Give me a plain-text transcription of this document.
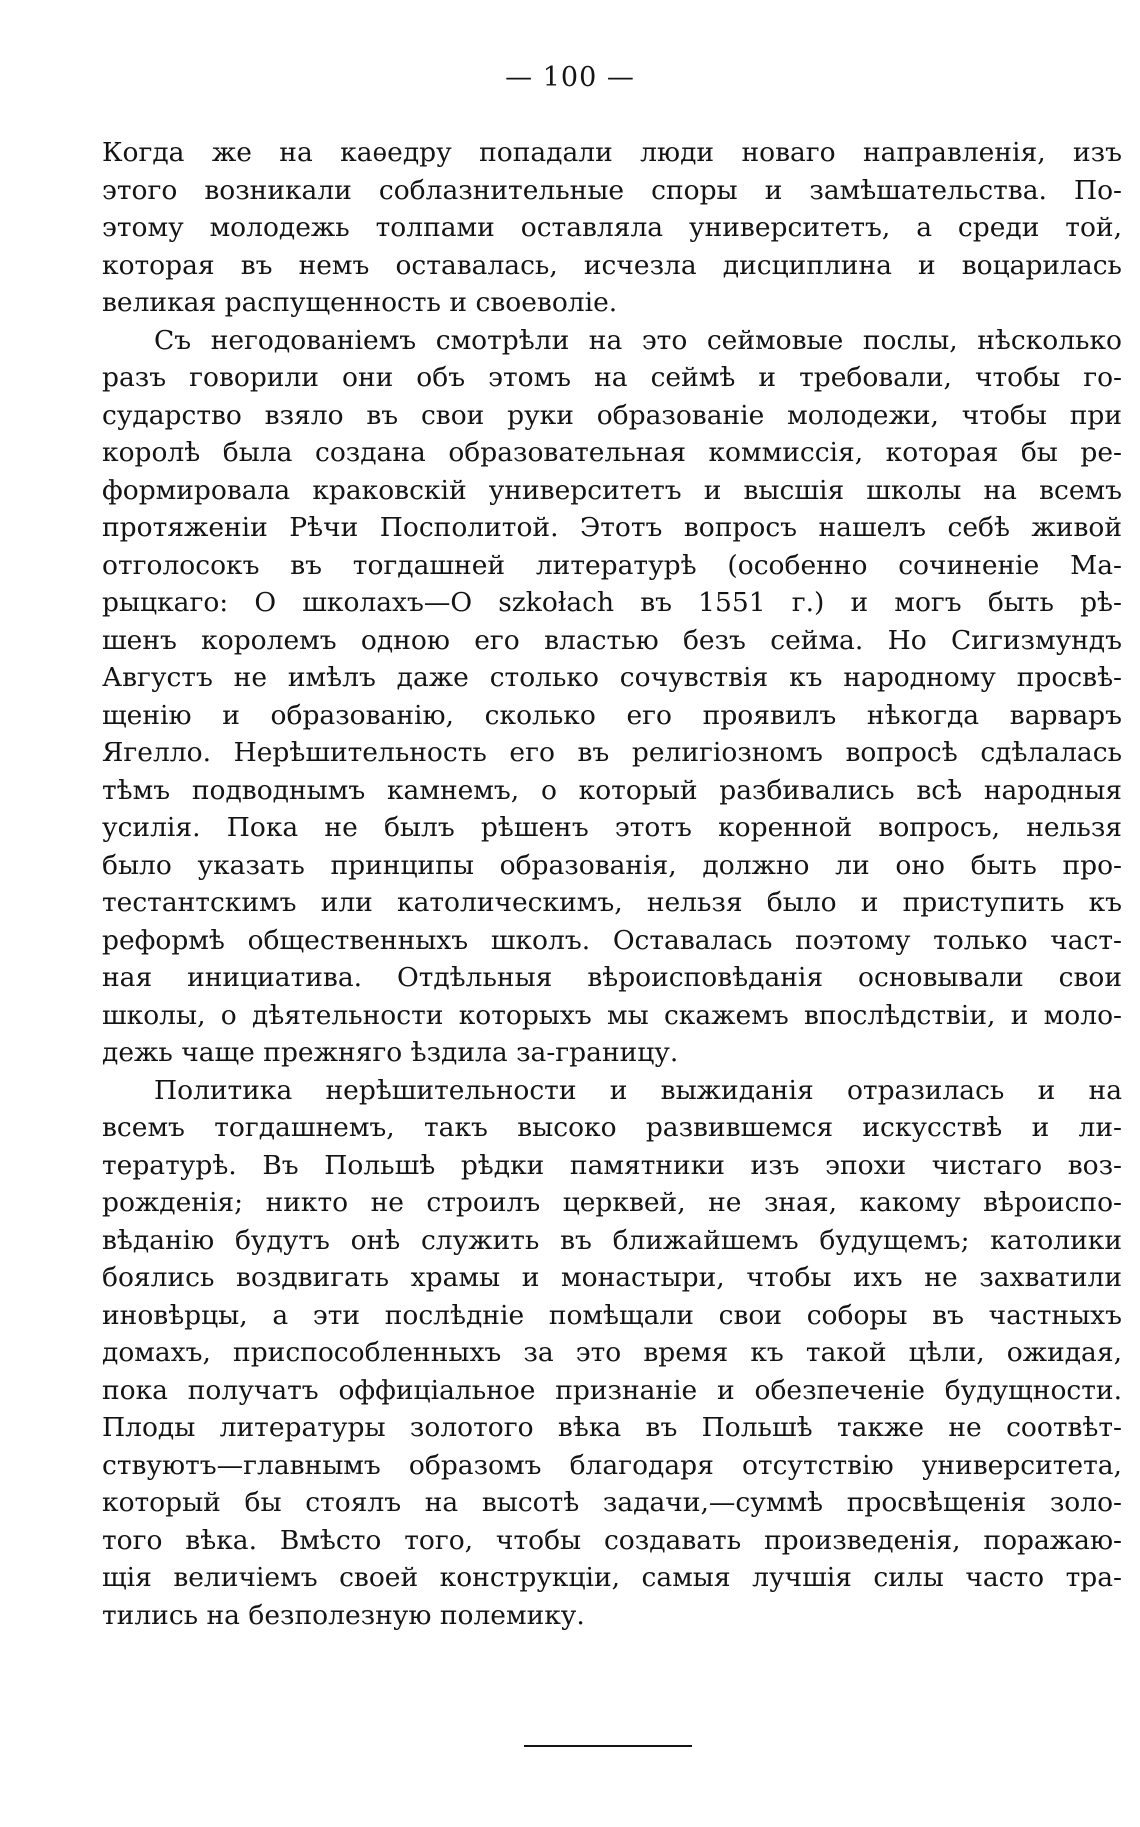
— 100 —
Когда же на каѳедру попадали люди новаго направленія, изъ
этого возникали соблазнительные споры и замѣшательства. По-
этому молодежь толпами оставляла университетъ, а среди той,
которая въ немъ оставалась, исчезла дисциплина и воцарилась
великая распущенность и своеволіе.
Съ негодованіемъ смотрѣли на это сеймовые послы, нѣсколько
разъ говорили они объ этомъ на сеймѣ и требовали, чтобы го-
сударство взяло въ свои руки образованіе молодежи, чтобы при
королѣ была создана образовательная коммиссія, которая бы ре-
формировала краковскій университетъ и высшія школы на всемъ
протяженіи Рѣчи Посполитой. Этотъ вопросъ нашелъ себѣ живой
отголосокъ въ тогдашней литературѣ (особенно сочиненіе Ма-
рыцкаго: О школахъ—O szkołach въ 1551 г.) и могъ быть рѣ-
шенъ королемъ одною его властью безъ сейма. Но Сигизмундъ
Августъ не имѣлъ даже столько сочувствія къ народному просвѣ-
щенію и образованію, сколько его проявилъ нѣкогда варваръ
Ягелло. Нерѣшительность его въ религіозномъ вопросѣ сдѣлалась
тѣмъ подводнымъ камнемъ, о который разбивались всѣ народныя
усилія. Пока не былъ рѣшенъ этотъ коренной вопросъ, нельзя
было указать принципы образованія, должно ли оно быть про-
тестантскимъ или католическимъ, нельзя было и приступить къ
реформѣ общественныхъ школъ. Оставалась поэтому только част-
ная инициатива. Отдѣльныя вѣроисповѣданія основывали свои
школы, о дѣятельности которыхъ мы скажемъ впослѣдствіи, и моло-
дежь чаще прежняго ѣздила за-границу.
Политика нерѣшительности и выжиданія отразилась и на
всемъ тогдашнемъ, такъ высоко развившемся искусствѣ и ли-
тературѣ. Въ Польшѣ рѣдки памятники изъ эпохи чистаго воз-
рожденія; никто не строилъ церквей, не зная, какому вѣроиспо-
вѣданію будутъ онѣ служить въ ближайшемъ будущемъ; католики
боялись воздвигать храмы и монастыри, чтобы ихъ не захватили
иновѣрцы, а эти послѣдніе помѣщали свои соборы въ частныхъ
домахъ, приспособленныхъ за это время къ такой цѣли, ожидая,
пока получатъ оффиціальное признаніе и обезпеченіе будущности.
Плоды литературы золотого вѣка въ Польшѣ также не соотвѣт-
ствуютъ—главнымъ образомъ благодаря отсутствію университета,
который бы стоялъ на высотѣ задачи,—суммѣ просвѣщенія золо-
того вѣка. Вмѣсто того, чтобы создавать произведенія, поражаю-
щія величіемъ своей конструкціи, самыя лучшія силы часто тра-
тились на безполезную полемику.
